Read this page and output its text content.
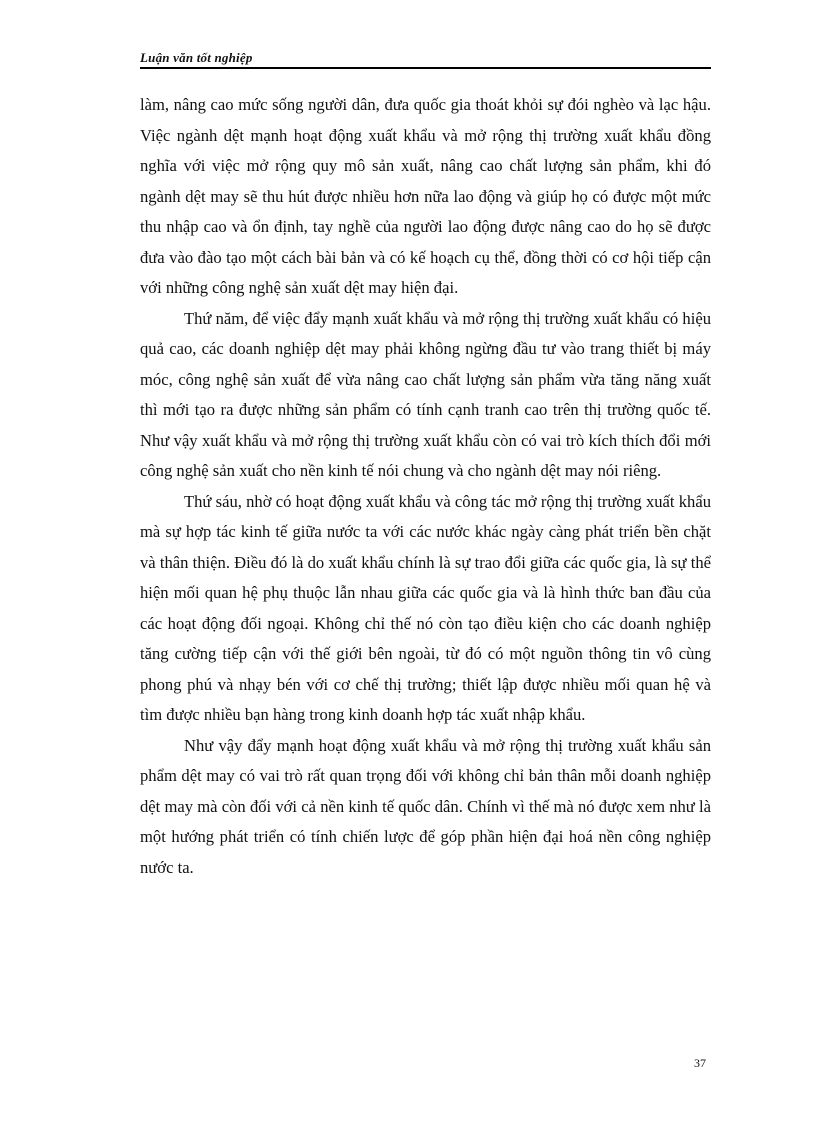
Luận văn tốt nghiệp

làm, nâng cao mức sống người dân, đưa quốc gia thoát khỏi sự đói nghèo và lạc hậu. Việc ngành dệt mạnh hoạt động xuất khẩu và mở rộng thị trường xuất khẩu đồng nghĩa với việc mở rộng quy mô sản xuất, nâng cao chất lượng sản phẩm, khi đó ngành dệt may sẽ thu hút được nhiều hơn nữa lao động và giúp họ có được một mức thu nhập cao và ổn định, tay nghề của người lao động được nâng cao do họ sẽ được đưa vào đào tạo một cách bài bản và có kế hoạch cụ thể, đồng thời có cơ hội tiếp cận với những công nghệ sản xuất dệt may hiện đại.

Thứ năm, để việc đẩy mạnh xuất khẩu và mở rộng thị trường xuất khẩu có hiệu quả cao, các doanh nghiệp dệt may phải không ngừng đầu tư vào trang thiết bị máy móc, công nghệ sản xuất để vừa nâng cao chất lượng sản phẩm vừa tăng năng xuất thì mới tạo ra được những sản phẩm có tính cạnh tranh cao trên thị trường quốc tế. Như vậy xuất khẩu và mở rộng thị trường xuất khẩu còn có vai trò kích thích đổi mới công nghệ sản xuất cho nền kinh tế nói chung và cho ngành dệt may nói riêng.

Thứ sáu, nhờ có hoạt động xuất khẩu và công tác mở rộng thị trường xuất khẩu mà sự hợp tác kinh tế giữa nước ta với các nước khác ngày càng phát triển bền chặt và thân thiện. Điều đó là do xuất khẩu chính là sự trao đổi giữa các quốc gia, là sự thể hiện mối quan hệ phụ thuộc lẫn nhau giữa các quốc gia và là hình thức ban đầu của các hoạt động đối ngoại. Không chỉ thế nó còn tạo điều kiện cho các doanh nghiệp tăng cường tiếp cận với thế giới bên ngoài, từ đó có một nguồn thông tin vô cùng phong phú và nhạy bén với cơ chế thị trường; thiết lập được nhiều mối quan hệ và tìm được nhiều bạn hàng trong kinh doanh hợp tác xuất nhập khẩu.

Như vậy đẩy mạnh hoạt động xuất khẩu và mở rộng thị trường xuất khẩu sản phẩm dệt may có vai trò rất quan trọng đối với không chỉ bản thân mỗi doanh nghiệp dệt may mà còn đối với cả nền kinh tế quốc dân. Chính vì thế mà nó được xem như là một hướng phát triển có tính chiến lược để góp phần hiện đại hoá nền công nghiệp nước ta.

37
